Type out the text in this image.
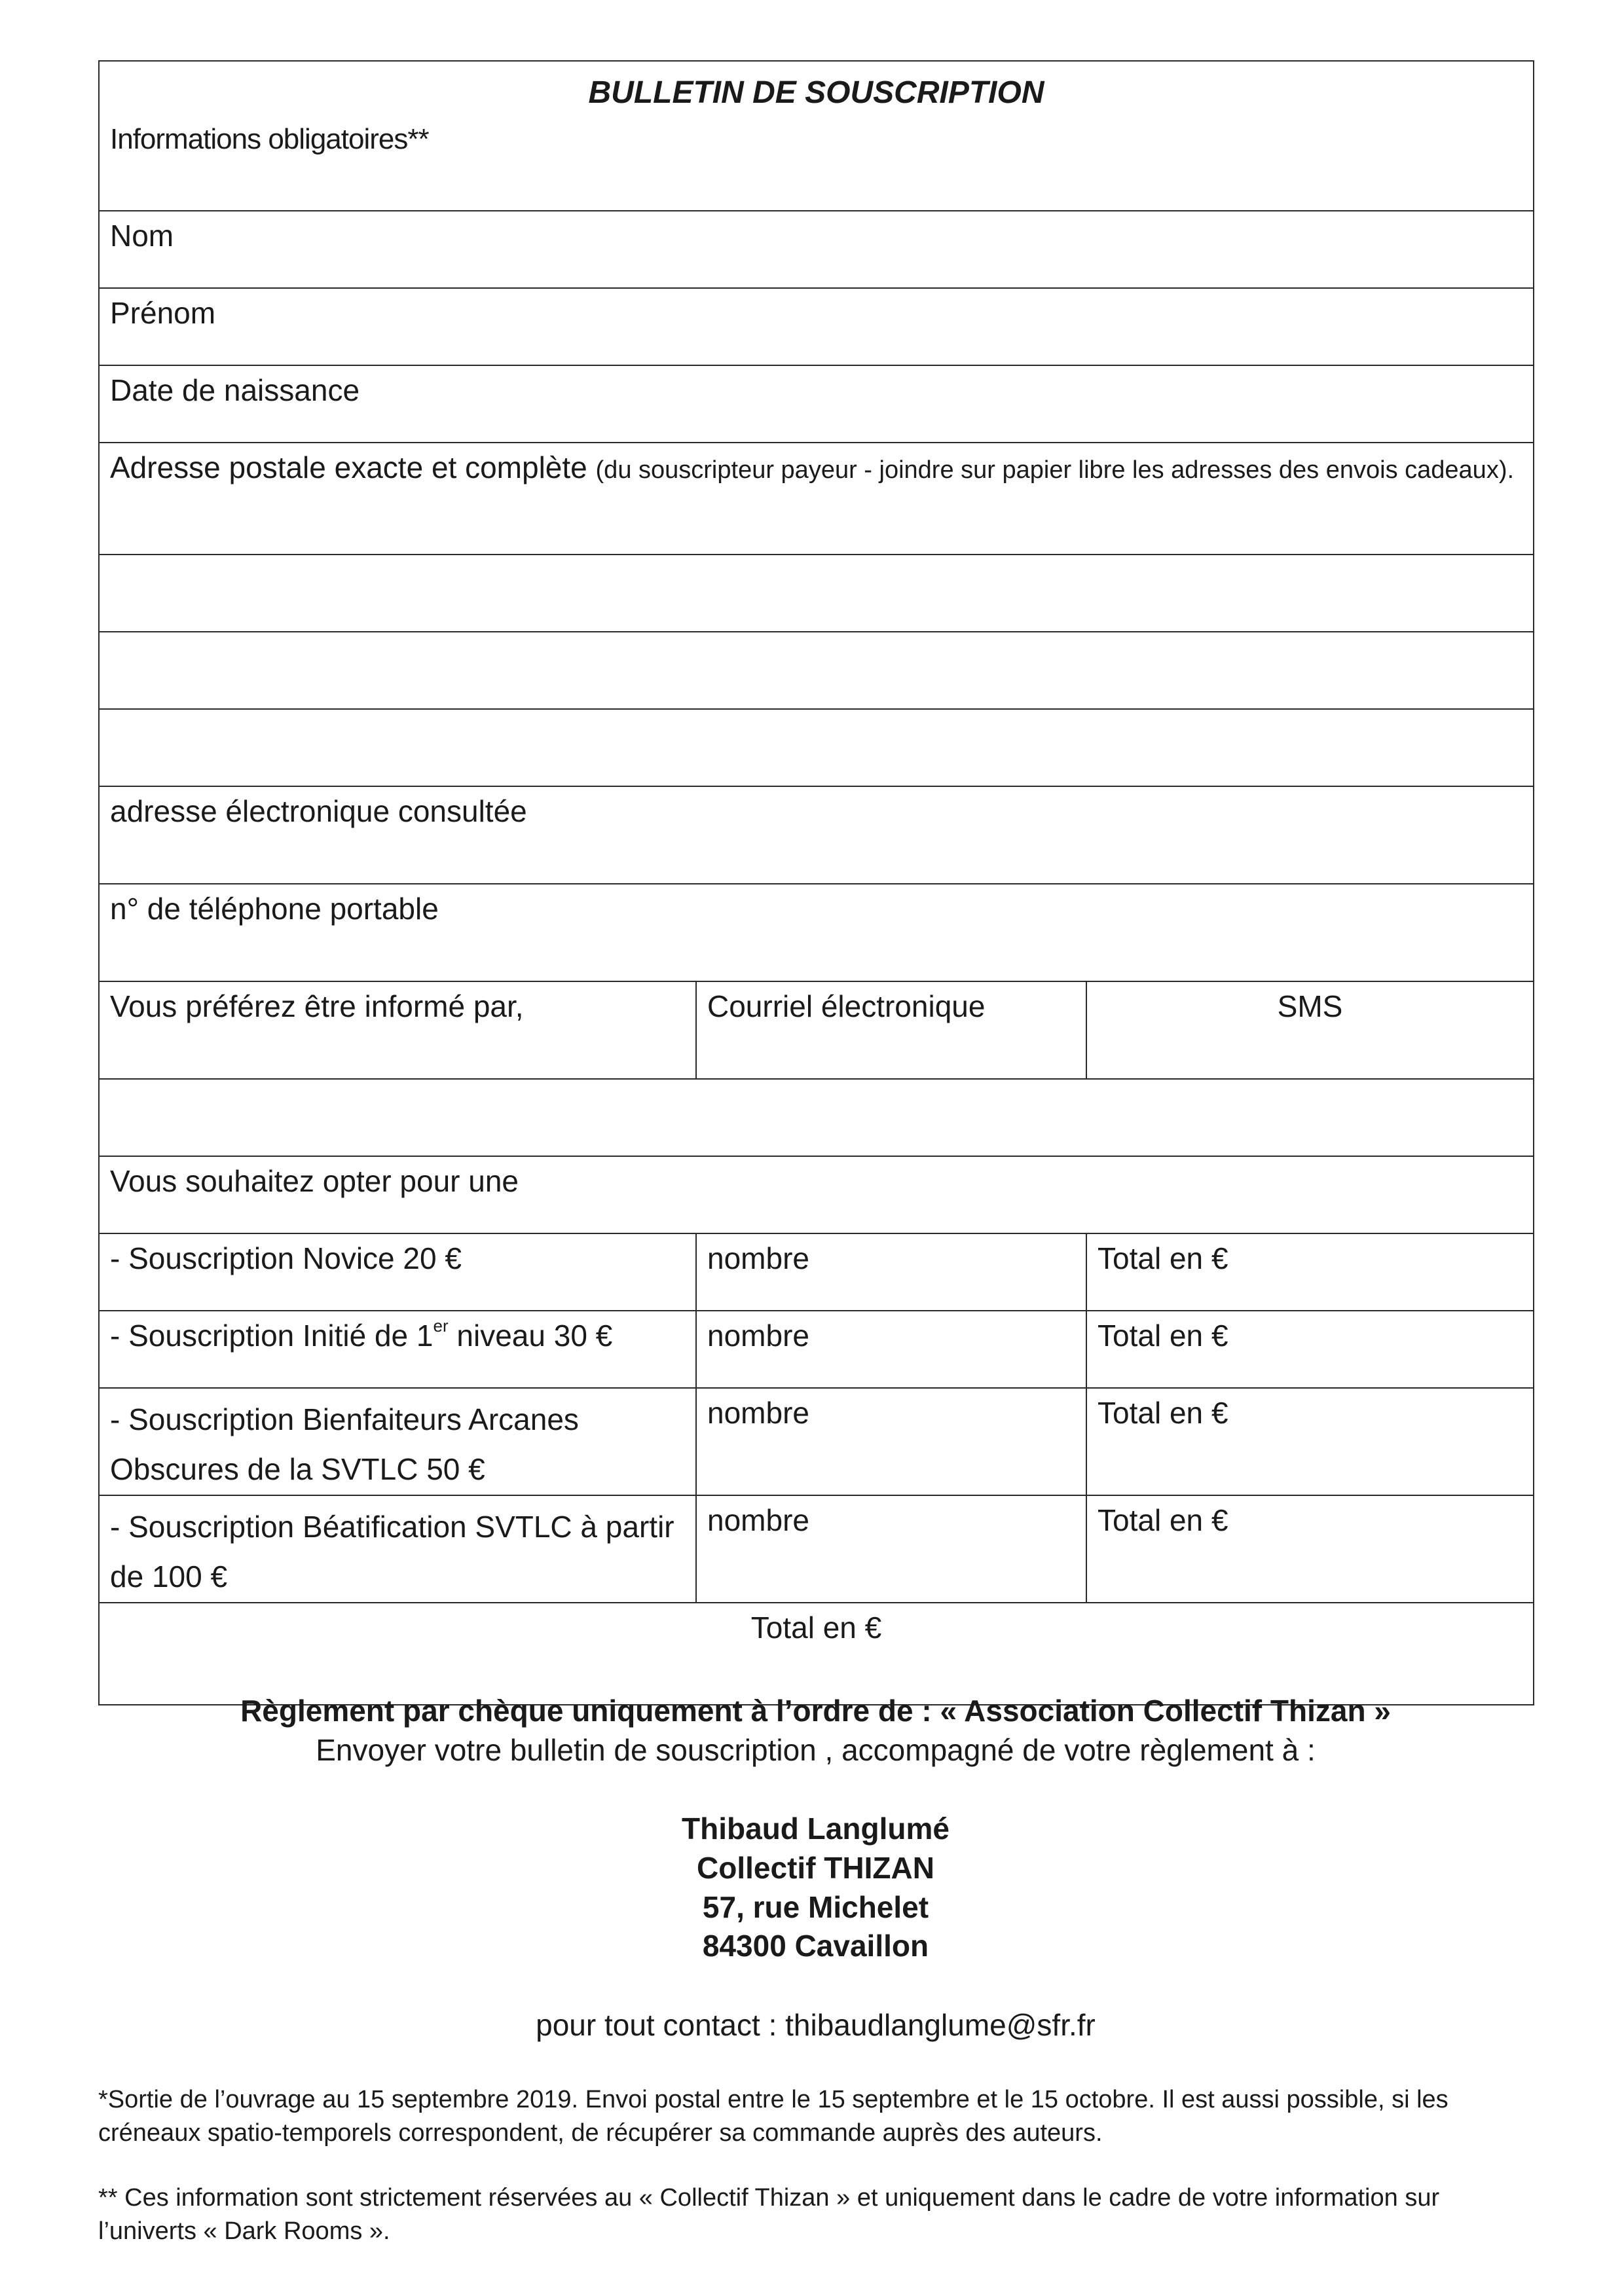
BULLETIN DE SOUSCRIPTION
Informations obligatoires**		

Nom		
Prénom		
Date de naissance		
Adresse postale exacte et complète (du souscripteur payeur - joindre sur papier libre les adresses des envois cadeaux).		

adresse électronique consultée		
n° de téléphone portable		
Vous préférez être informé par,	Courriel électronique	SMS

Vous souhaitez opter pour une		
- Souscription Novice 20 €	nombre	Total en €
- Souscription Initié de 1er niveau 30 €	nombre	Total en €
- Souscription Bienfaiteurs Arcanes Obscures de la SVTLC 50 €	nombre	Total en €
- Souscription Béatification SVTLC à partir de 100 €	nombre	Total en €
Total en €		
Règlement par chèque uniquement à l’ordre de : « Association Collectif Thizan »
Envoyer votre bulletin de souscription , accompagné de votre règlement à :
Thibaud Langlumé
Collectif THIZAN
57, rue Michelet
84300 Cavaillon
pour tout contact : thibaudlanglume@sfr.fr
*Sortie de l’ouvrage au 15 septembre 2019. Envoi postal entre le 15 septembre et le 15 octobre. Il est aussi possible, si les créneaux spatio-temporels correspondent, de récupérer sa commande auprès des auteurs.
** Ces information sont strictement réservées au « Collectif Thizan » et uniquement dans le cadre de votre information sur l’univerts « Dark Rooms ».
